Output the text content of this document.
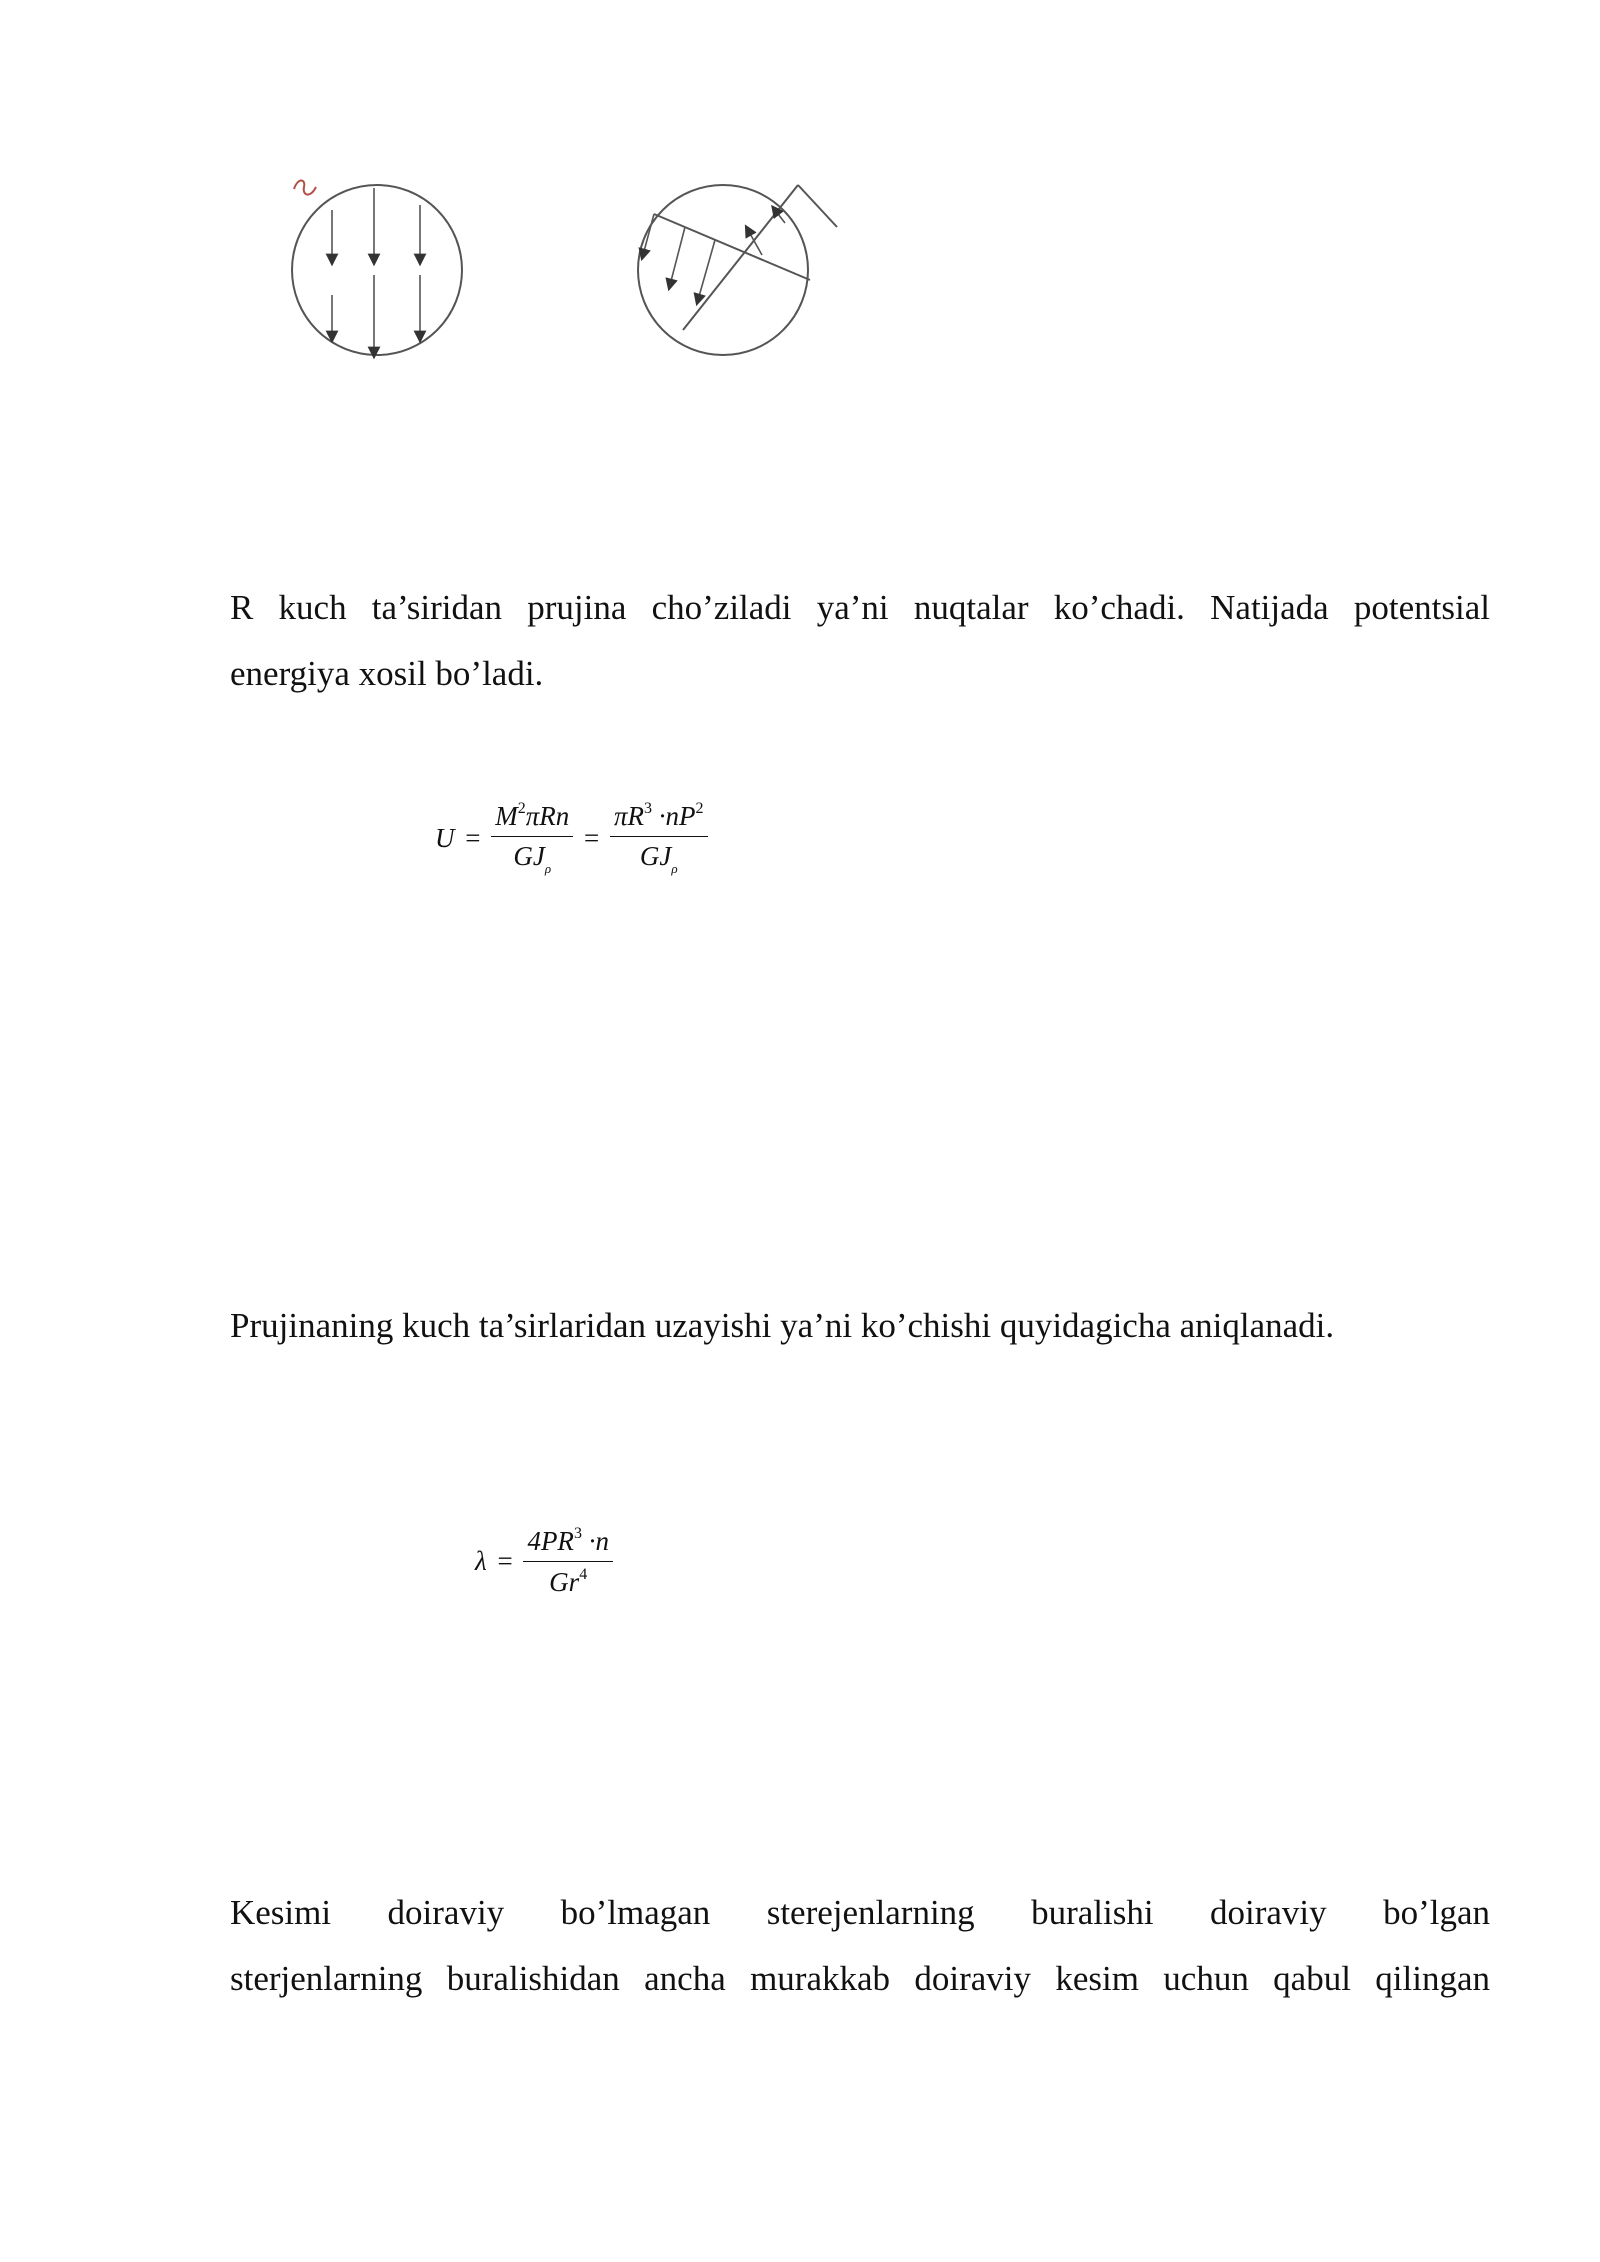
τ
R kuch ta’siridan prujina cho’ziladi ya’ni nuqtalar ko’chadi. Natijada potentsial
energiya xosil bo’ladi.
$U = \frac{M^2\pi Rn}{GJ_\rho} = \frac{\pi R^3 \cdot nP^2}{GJ_\rho}$
Prujinaning kuch ta’sirlaridan uzayishi ya’ni ko’chishi quyidagicha aniqlanadi.
$\lambda = \frac{4PR^3 \cdot n}{Gr^4}$
Kesimi doiraviy bo’lmagan sterejenlarning buralishi doiraviy bo’lgan
sterjenlarning buralishidan ancha murakkab doiraviy kesim uchun qabul qilingan
